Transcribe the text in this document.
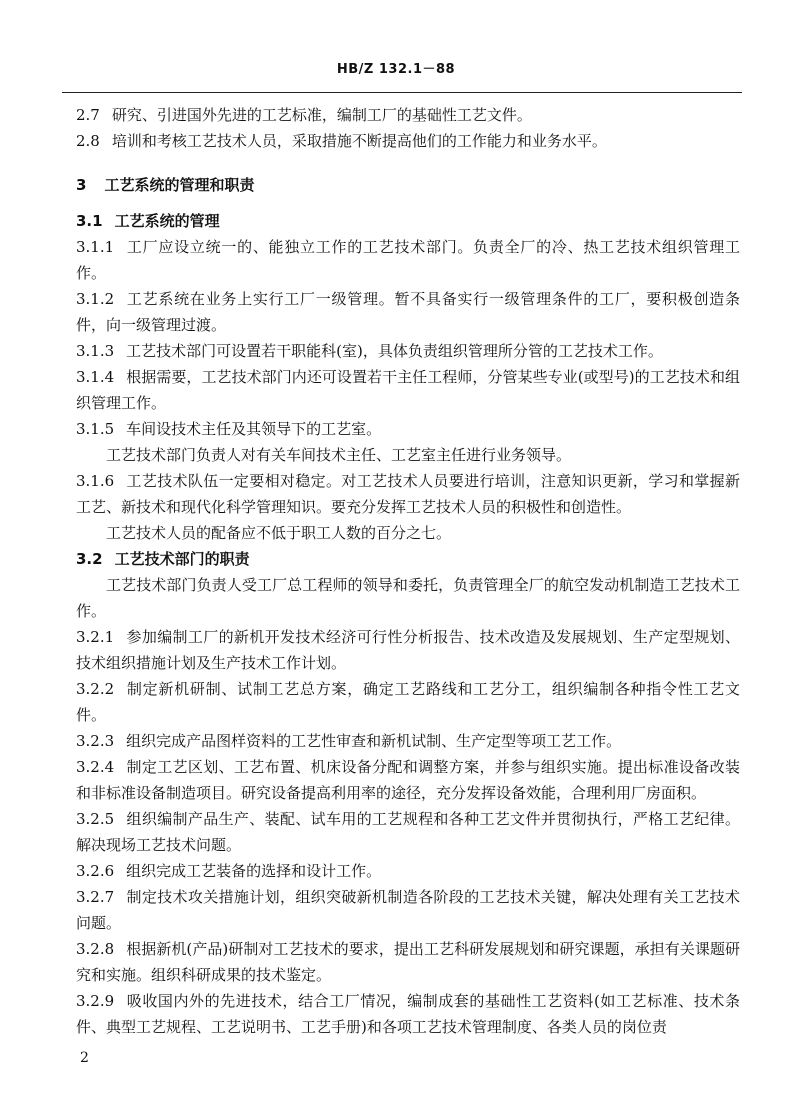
HB/Z 132.1－88

2.7 研究、引进国外先进的工艺标准，编制工厂的基础性工艺文件。

2.8 培训和考核工艺技术人员，采取措施不断提高他们的工作能力和业务水平。

3 工艺系统的管理和职责

3.1 工艺系统的管理

3.1.1 工厂应设立统一的、能独立工作的工艺技术部门。负责全厂的冷、热工艺技术组织管理工作。

3.1.2 工艺系统在业务上实行工厂一级管理。暂不具备实行一级管理条件的工厂，要积极创造条件，向一级管理过渡。

3.1.3 工艺技术部门可设置若干职能科(室)，具体负责组织管理所分管的工艺技术工作。

3.1.4 根据需要，工艺技术部门内还可设置若干主任工程师，分管某些专业(或型号)的工艺技术和组织管理工作。

3.1.5 车间设技术主任及其领导下的工艺室。

工艺技术部门负责人对有关车间技术主任、工艺室主任进行业务领导。

3.1.6 工艺技术队伍一定要相对稳定。对工艺技术人员要进行培训，注意知识更新，学习和掌握新工艺、新技术和现代化科学管理知识。要充分发挥工艺技术人员的积极性和创造性。

工艺技术人员的配备应不低于职工人数的百分之七。

3.2 工艺技术部门的职责

工艺技术部门负责人受工厂总工程师的领导和委托，负责管理全厂的航空发动机制造工艺技术工作。

3.2.1 参加编制工厂的新机开发技术经济可行性分析报告、技术改造及发展规划、生产定型规划、技术组织措施计划及生产技术工作计划。

3.2.2 制定新机研制、试制工艺总方案，确定工艺路线和工艺分工，组织编制各种指令性工艺文件。

3.2.3 组织完成产品图样资料的工艺性审查和新机试制、生产定型等项工艺工作。

3.2.4 制定工艺区划、工艺布置、机床设备分配和调整方案，并参与组织实施。提出标准设备改装和非标准设备制造项目。研究设备提高利用率的途径，充分发挥设备效能，合理利用厂房面积。

3.2.5 组织编制产品生产、装配、试车用的工艺规程和各种工艺文件并贯彻执行，严格工艺纪律。解决现场工艺技术问题。

3.2.6 组织完成工艺装备的选择和设计工作。

3.2.7 制定技术攻关措施计划，组织突破新机制造各阶段的工艺技术关键，解决处理有关工艺技术问题。

3.2.8 根据新机(产品)研制对工艺技术的要求，提出工艺科研发展规划和研究课题，承担有关课题研究和实施。组织科研成果的技术鉴定。

3.2.9 吸收国内外的先进技术，结合工厂情况，编制成套的基础性工艺资料(如工艺标准、技术条件、典型工艺规程、工艺说明书、工艺手册)和各项工艺技术管理制度、各类人员的岗位责

2
